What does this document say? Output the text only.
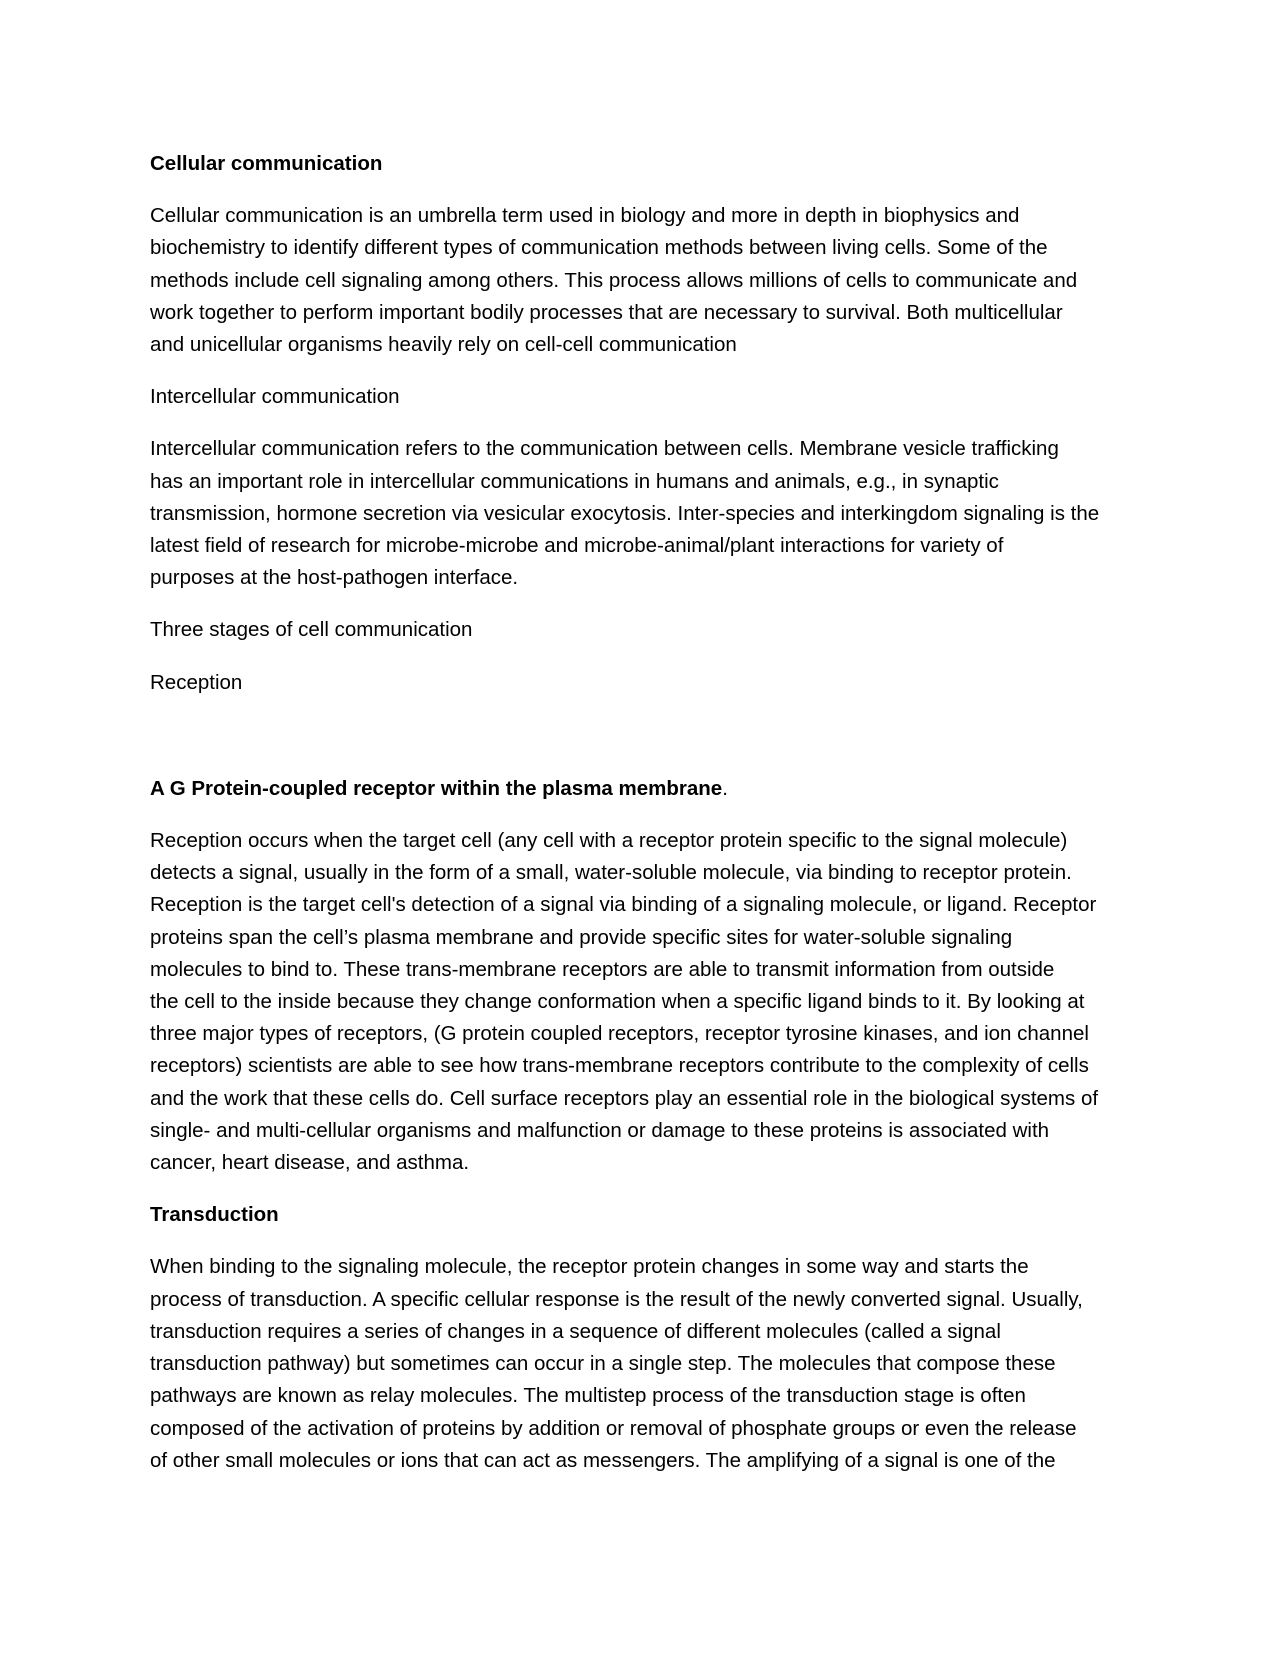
Cellular communication

Cellular communication is an umbrella term used in biology and more in depth in biophysics and
biochemistry to identify different types of communication methods between living cells. Some of the
methods include cell signaling among others. This process allows millions of cells to communicate and
work together to perform important bodily processes that are necessary to survival. Both multicellular
and unicellular organisms heavily rely on cell-cell communication

Intercellular communication

Intercellular communication refers to the communication between cells. Membrane vesicle trafficking
has an important role in intercellular communications in humans and animals, e.g., in synaptic
transmission, hormone secretion via vesicular exocytosis. Inter-species and interkingdom signaling is the
latest field of research for microbe-microbe and microbe-animal/plant interactions for variety of
purposes at the host-pathogen interface.

Three stages of cell communication

Reception

A G Protein-coupled receptor within the plasma membrane.

Reception occurs when the target cell (any cell with a receptor protein specific to the signal molecule)
detects a signal, usually in the form of a small, water-soluble molecule, via binding to receptor protein.
Reception is the target cell's detection of a signal via binding of a signaling molecule, or ligand. Receptor
proteins span the cell’s plasma membrane and provide specific sites for water-soluble signaling
molecules to bind to. These trans-membrane receptors are able to transmit information from outside
the cell to the inside because they change conformation when a specific ligand binds to it. By looking at
three major types of receptors, (G protein coupled receptors, receptor tyrosine kinases, and ion channel
receptors) scientists are able to see how trans-membrane receptors contribute to the complexity of cells
and the work that these cells do. Cell surface receptors play an essential role in the biological systems of
single- and multi-cellular organisms and malfunction or damage to these proteins is associated with
cancer, heart disease, and asthma.

Transduction

When binding to the signaling molecule, the receptor protein changes in some way and starts the
process of transduction. A specific cellular response is the result of the newly converted signal. Usually,
transduction requires a series of changes in a sequence of different molecules (called a signal
transduction pathway) but sometimes can occur in a single step. The molecules that compose these
pathways are known as relay molecules. The multistep process of the transduction stage is often
composed of the activation of proteins by addition or removal of phosphate groups or even the release
of other small molecules or ions that can act as messengers. The amplifying of a signal is one of the
